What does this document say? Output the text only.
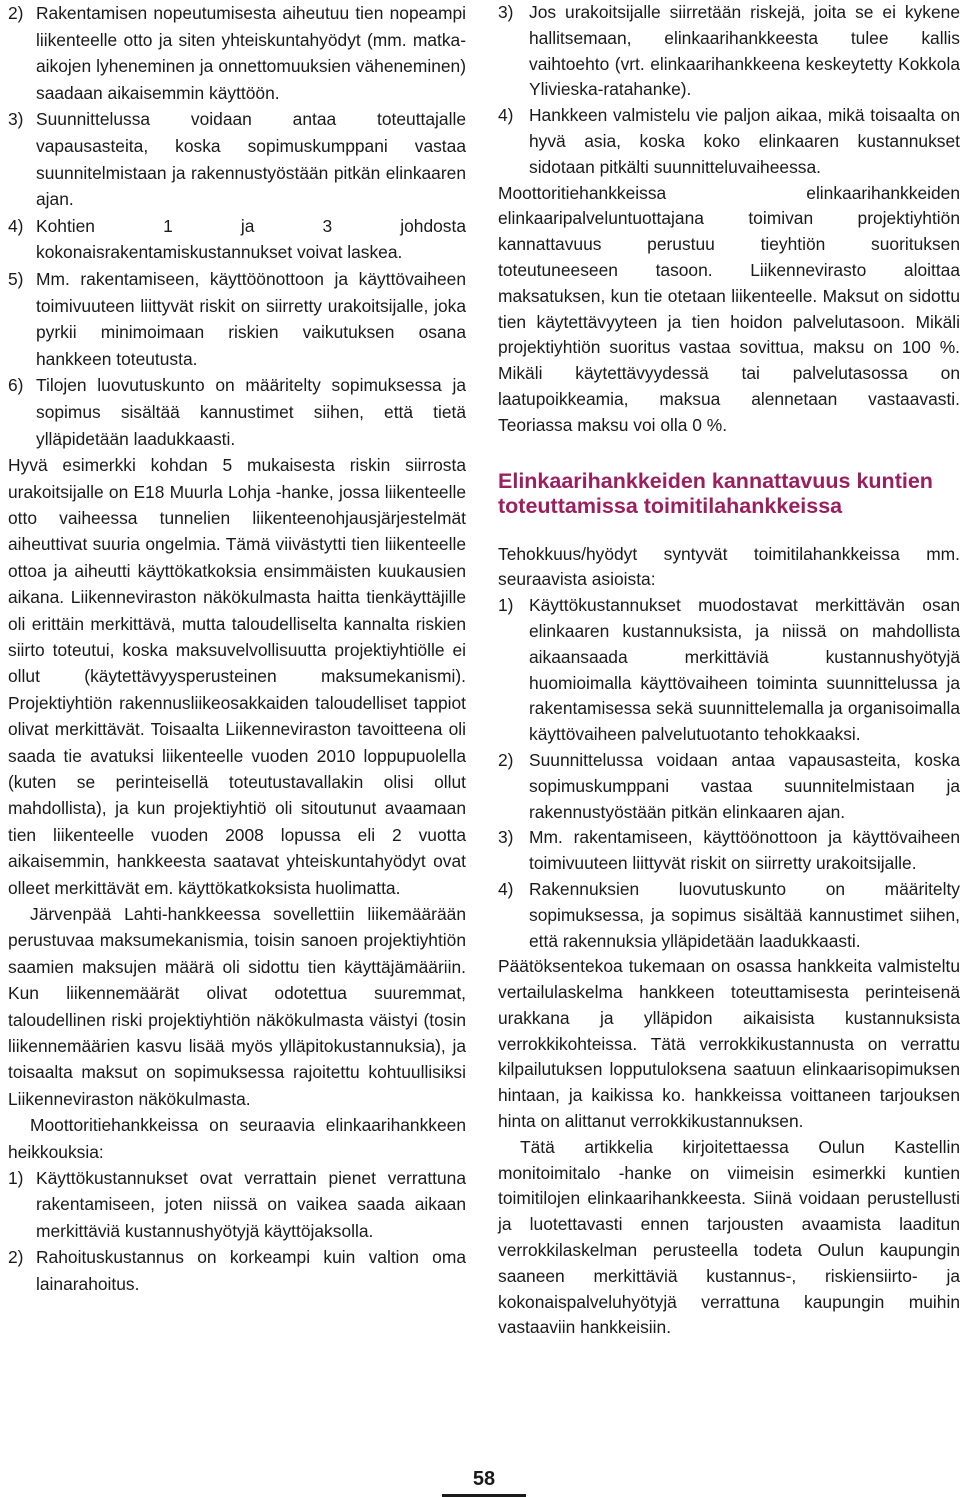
2) Rakentamisen nopeutumisesta aiheutuu tien nopeampi liikenteelle otto ja siten yhteiskuntahyödyt (mm. matka-aikojen lyheneminen ja onnettomuuksien väheneminen) saadaan aikaisemmin käyttöön.
3) Suunnittelussa voidaan antaa toteuttajalle vapausasteita, koska sopimuskumppani vastaa suunnitelmistaan ja rakennustyöstään pitkän elinkaaren ajan.
4) Kohtien 1 ja 3 johdosta kokonaisrakentamiskustannukset voivat laskea.
5) Mm. rakentamiseen, käyttöönottoon ja käyttövaiheen toimivuuteen liittyvät riskit on siirretty urakoitsijalle, joka pyrkii minimoimaan riskien vaikutuksen osana hankkeen toteutusta.
6) Tilojen luovutuskunto on määritelty sopimuksessa ja sopimus sisältää kannustimet siihen, että tietä ylläpidetään laadukkaasti.

Hyvä esimerkki kohdan 5 mukaisesta riskin siirrosta urakoitsijalle on E18 Muurla Lohja -hanke, jossa liikenteelle otto vaiheessa tunnelien liikenteenohjausjärjestelmät aiheuttivat suuria ongelmia. Tämä viivästytti tien liikenteelle ottoa ja aiheutti käyttökatkoksia ensimmäisten kuukausien aikana. Liikenneviraston näkökulmasta haitta tienkäyttäjille oli erittäin merkittävä, mutta taloudelliselta kannalta riskien siirto toteutui, koska maksuvelvollisuutta projektiyhtiölle ei ollut (käytettävyysperusteinen maksumekanismi). Projektiyhtiön rakennusliikeosakkaiden taloudelliset tappiot olivat merkittävät. Toisaalta Liikenneviraston tavoitteena oli saada tie avatuksi liikenteelle vuoden 2010 loppupuolella (kuten se perinteisellä toteutustavallakin olisi ollut mahdollista), ja kun projektiyhtiö oli sitoutunut avaamaan tien liikenteelle vuoden 2008 lopussa eli 2 vuotta aikaisemmin, hankkeesta saatavat yhteiskuntahyödyt ovat olleet merkittävät em. käyttökatkoksista huolimatta.

Järvenpää Lahti-hankkeessa sovellettiin liikemäärään perustuvaa maksumekanismia, toisin sanoen projektiyhtiön saamien maksujen määrä oli sidottu tien käyttäjämääriin. Kun liikennemäärät olivat odotettua suuremmat, taloudellinen riski projektiyhtiön näkökulmasta väistyi (tosin liikennemäärien kasvu lisää myös ylläpitokustannuksia), ja toisaalta maksut on sopimuksessa rajoitettu kohtuullisiksi Liikenneviraston näkökulmasta.

Moottoritiehankkeissa on seuraavia elinkaarihankkeen heikkouksia:

1) Käyttökustannukset ovat verrattain pienet verrattuna rakentamiseen, joten niissä on vaikea saada aikaan merkittäviä kustannushyötyjä käyttöjaksolla.
2) Rahoituskustannus on korkeampi kuin valtion oma lainarahoitus.
3) Jos urakoitsijalle siirretään riskejä, joita se ei kykene hallitsemaan, elinkaarihankkeesta tulee kallis vaihtoehto (vrt. elinkaarihankkeena keskeytetty Kokkola Ylivieska-ratahanke).
4) Hankkeen valmistelu vie paljon aikaa, mikä toisaalta on hyvä asia, koska koko elinkaaren kustannukset sidotaan pitkälti suunnitteluvaiheessa.

Moottoritiehankkeissa elinkaarihankkeiden elinkaaripalveluntuottajana toimivan projektiyhtiön kannattavuus perustuu tieyhtiön suorituksen toteutuneeseen tasoon. Liikennevirasto aloittaa maksatuksen, kun tie otetaan liikenteelle. Maksut on sidottu tien käytettävyyteen ja tien hoidon palvelutasoon. Mikäli projektiyhtiön suoritus vastaa sovittua, maksu on 100 %. Mikäli käytettävyydessä tai palvelutasossa on laatupoikkeamia, maksua alennetaan vastaavasti. Teoriassa maksu voi olla 0 %.

Elinkaarihankkeiden kannattavuus kuntien toteuttamissa toimitilahankkeissa

Tehokkuus/hyödyt syntyvät toimitilahankkeissa mm. seuraavista asioista:

1) Käyttökustannukset muodostavat merkittävän osan elinkaaren kustannuksista, ja niissä on mahdollista aikaansaada merkittäviä kustannushyötyjä huomioimalla käyttövaiheen toiminta suunnittelussa ja rakentamisessa sekä suunnittelemalla ja organisoimalla käyttövaiheen palvelutuotanto tehokkaaksi.
2) Suunnittelussa voidaan antaa vapausasteita, koska sopimuskumppani vastaa suunnitelmistaan ja rakennustyöstään pitkän elinkaaren ajan.
3) Mm. rakentamiseen, käyttöönottoon ja käyttövaiheen toimivuuteen liittyvät riskit on siirretty urakoitsijalle.
4) Rakennuksien luovutuskunto on määritelty sopimuksessa, ja sopimus sisältää kannustimet siihen, että rakennuksia ylläpidetään laadukkaasti.

Päätöksentekoa tukemaan on osassa hankkeita valmisteltu vertailulaskelma hankkeen toteuttamisesta perinteisenä urakkana ja ylläpidon aikaisista kustannuksista verrokkikohteissa. Tätä verrokkikustannusta on verrattu kilpailutuksen lopputuloksena saatuun elinkaarisopimuksen hintaan, ja kaikissa ko. hankkeissa voittaneen tarjouksen hinta on alittanut verrokkikustannuksen.

Tätä artikkelia kirjoitettaessa Oulun Kastellin monitoimitalo -hanke on viimeisin esimerkki kuntien toimitilojen elinkaarihankkeesta. Siinä voidaan perustellusti ja luotettavasti ennen tarjousten avaamista laaditun verrokkilaskelman perusteella todeta Oulun kaupungin saaneen merkittäviä kustannus-, riskiensiirto- ja kokonaispalveluhyötyjä verrattuna kaupungin muihin vastaaviin hankkeisiin.

58
